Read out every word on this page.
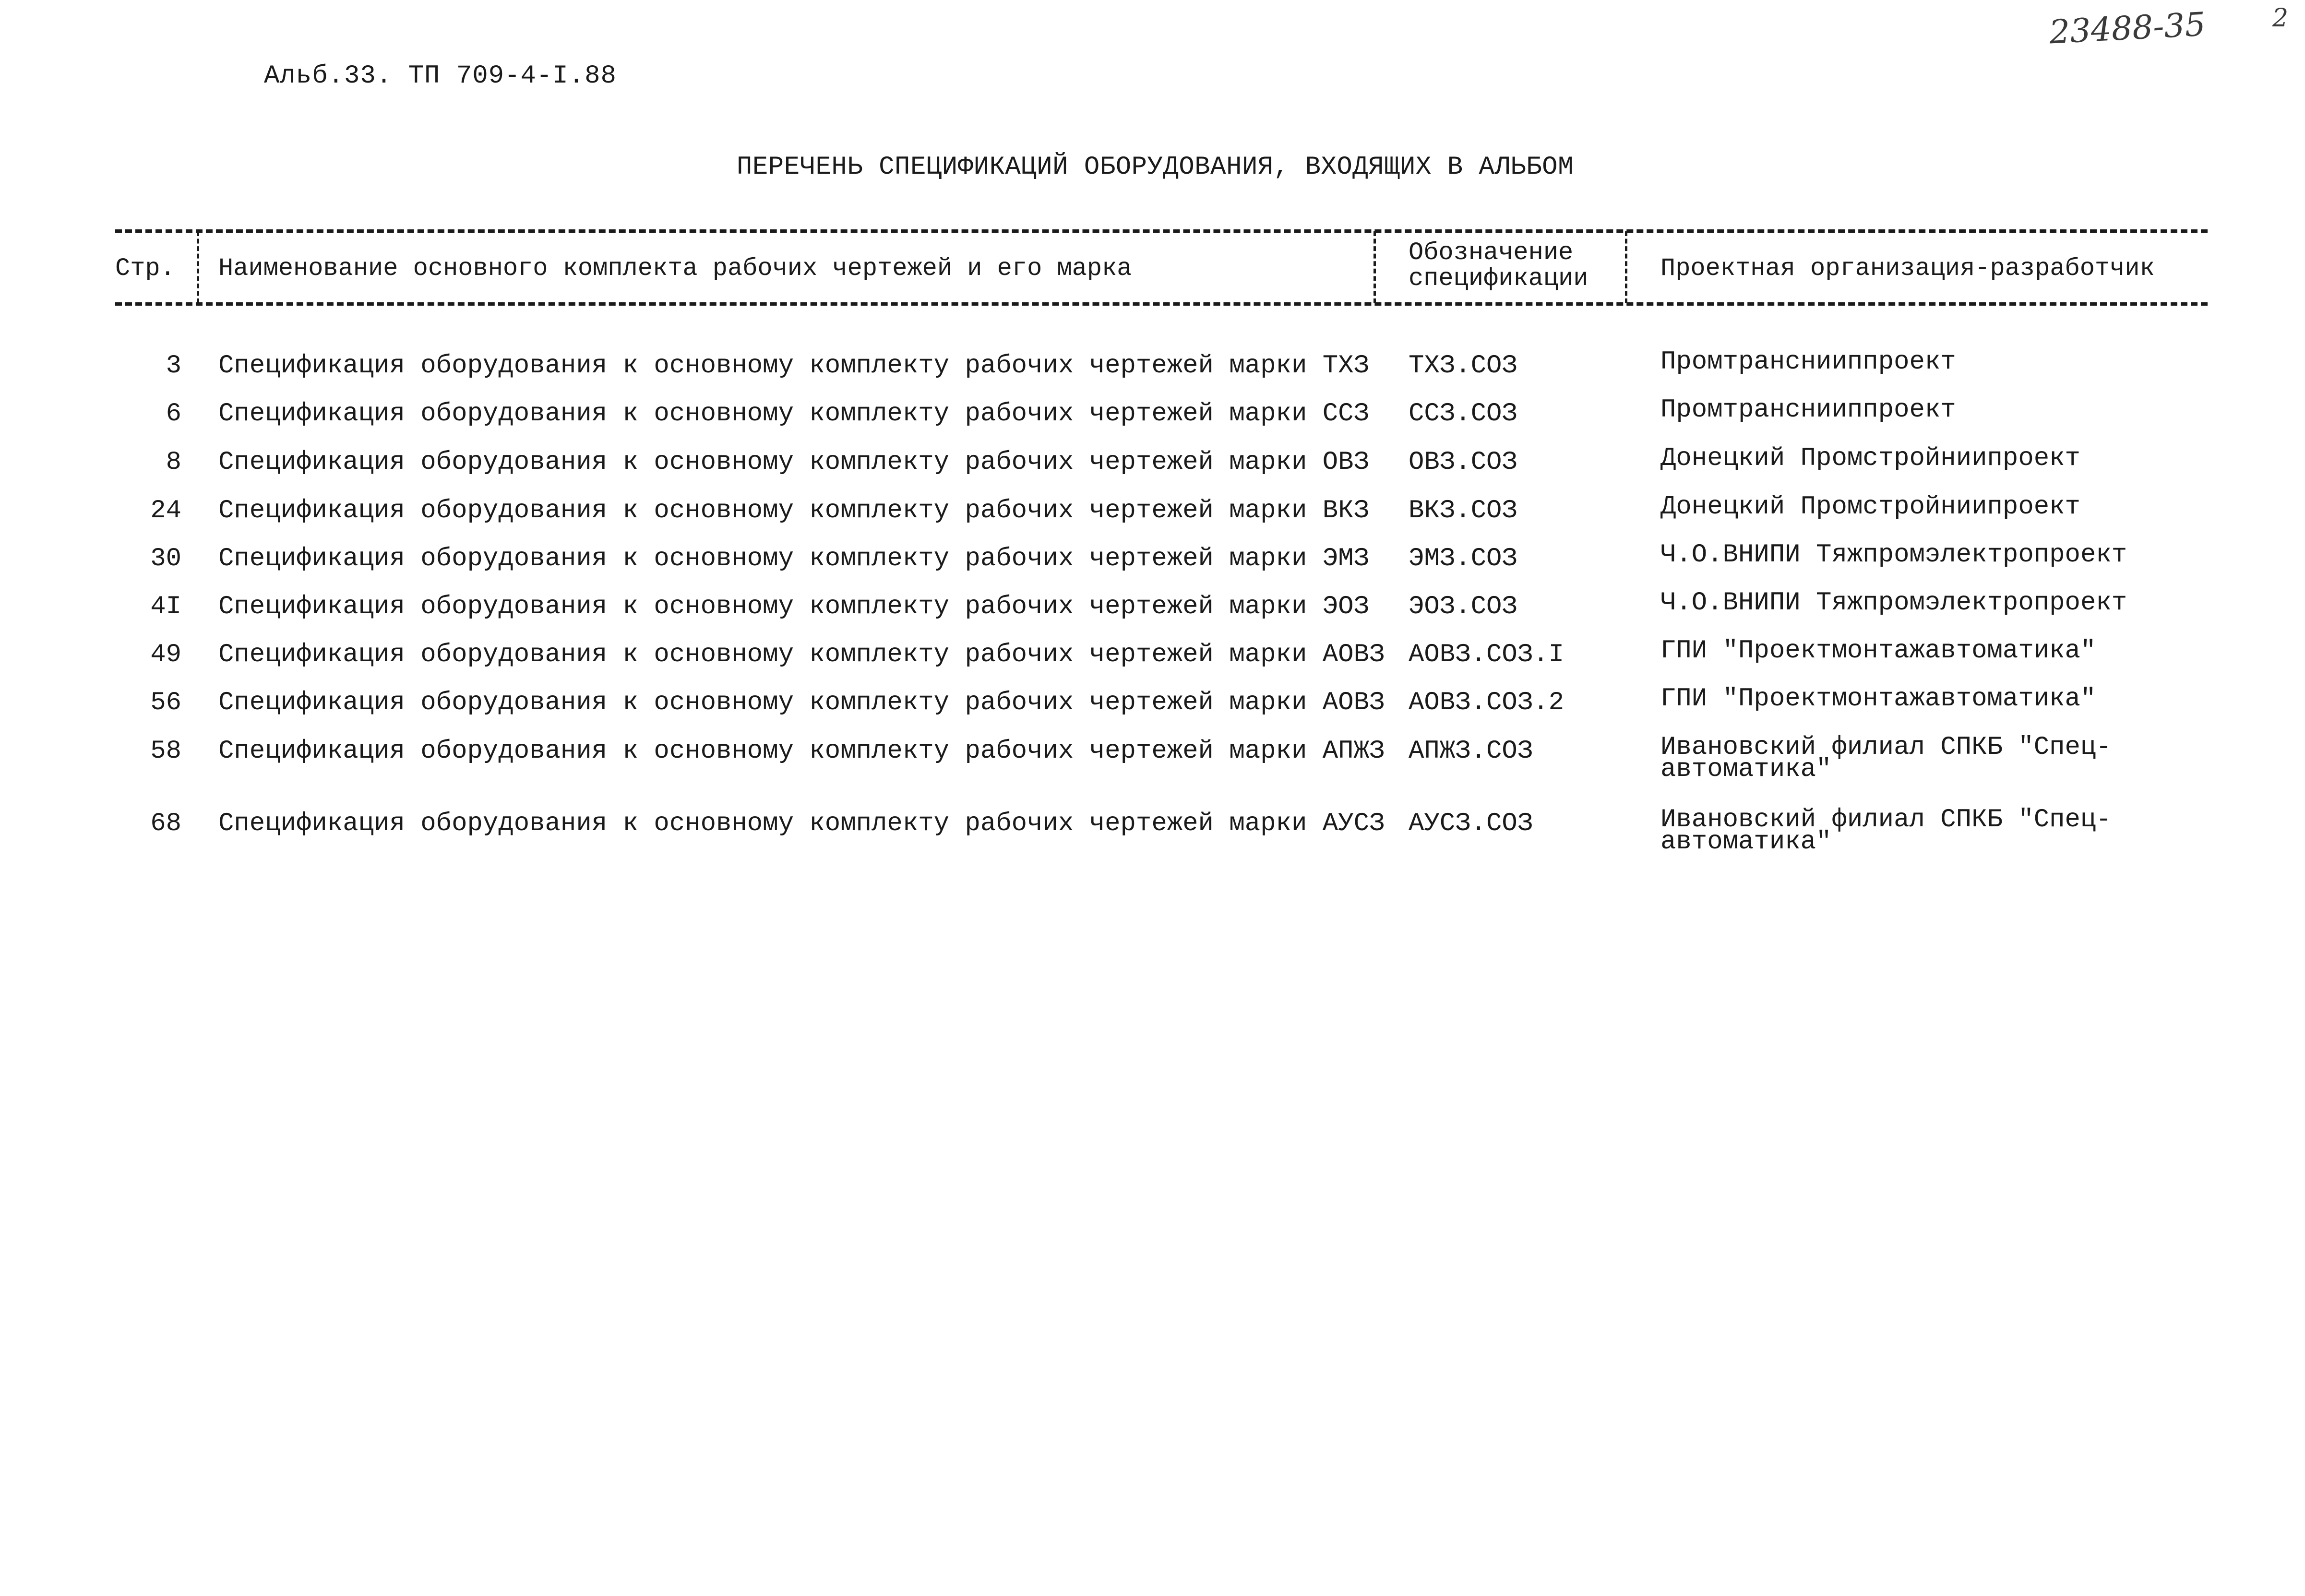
Альб.33. ТП 709-4-I.88
23488-35	2
ПЕРЕЧЕНЬ СПЕЦИФИКАЦИЙ ОБОРУДОВАНИЯ, ВХОДЯЩИХ В АЛЬБОМ
Стр. Наименование основного комплекта рабочих чертежей и его марка
Обозначение
спецификации	Проектная организация-разработчик
3 Спецификация оборудования к основному комплекту рабочих чертежей марки ТХЗ ТХЗ.СОЗ	Промтранснииппроект
6 Спецификация оборудования к основному комплекту рабочих чертежей марки ССЗ ССЗ.СОЗ	Промтранснииппроект
8 Спецификация оборудования к основному комплекту рабочих чертежей марки ОВЗ ОВЗ.СОЗ	Донецкий Промстройниипроект
24 Спецификация оборудования к основному комплекту рабочих чертежей марки ВКЗ ВКЗ.СОЗ	Донецкий Промстройниипроект
30 Спецификация оборудования к основному комплекту рабочих чертежей марки ЭМЗ ЭМЗ.СОЗ	Ч.О.ВНИПИ Тяжпромэлектропроект
4I Спецификация оборудования к основному комплекту рабочих чертежей марки ЭОЗ ЭОЗ.СОЗ	Ч.О.ВНИПИ Тяжпромэлектропроект
49 Спецификация оборудования к основному комплекту рабочих чертежей марки АОВЗ АОВЗ.СОЗ.I	ГПИ "Проектмонтажавтоматика"
56 Спецификация оборудования к основному комплекту рабочих чертежей марки АОВЗ АОВЗ.СОЗ.2	ГПИ "Проектмонтажавтоматика"
58 Спецификация оборудования к основному комплекту рабочих чертежей марки АПЖЗ АПЖЗ.СОЗ	Ивановский филиал СПКБ "Спец-автоматика"
68 Спецификация оборудования к основному комплекту рабочих чертежей марки АУСЗ АУСЗ.СОЗ	Ивановский филиал СПКБ "Спец-автоматика"
